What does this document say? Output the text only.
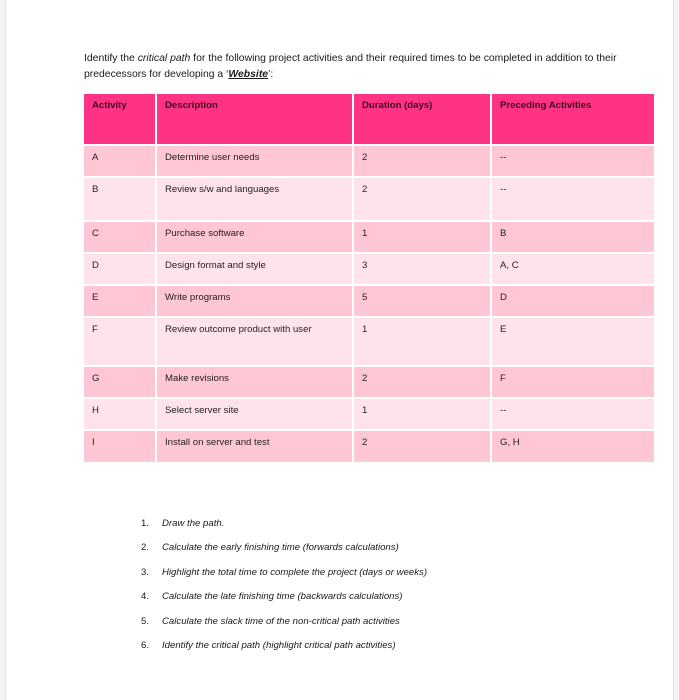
Identify the critical path for the following project activities and their required times to be completed in addition to their predecessors for developing a ‘Website’:

Activity	Description	Duration (days)	Preceding Activities
A	Determine user needs	2	--
B	Review s/w and languages	2	--
C	Purchase software	1	B
D	Design format and style	3	A, C
E	Write programs	5	D
F	Review outcome product with user	1	E
G	Make revisions	2	F
H	Select server site	1	--
I	Install on server and test	2	G, H
1. Draw the path.
2. Calculate the early finishing time (forwards calculations)
3. Highlight the total time to complete the project (days or weeks)
4. Calculate the late finishing time (backwards calculations)
5. Calculate the slack time of the non-critical path activities
6. Identify the critical path (highlight critical path activities)
